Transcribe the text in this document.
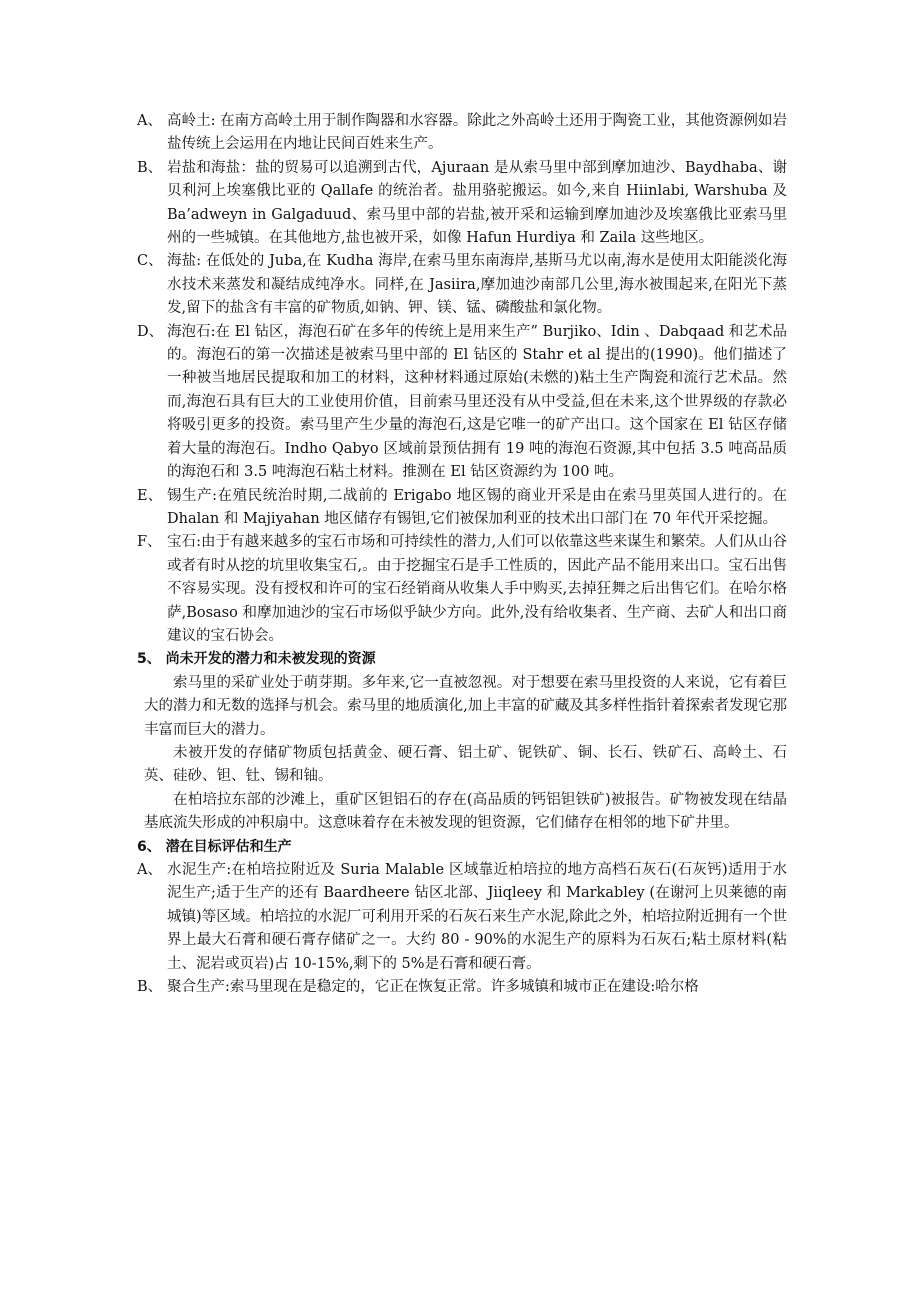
A、 高岭土: 在南方高岭土用于制作陶器和水容器。除此之外高岭土还用于陶瓷工业，其他资源例如岩盐传统上会运用在内地让民间百姓来生产。
B、 岩盐和海盐：盐的贸易可以追溯到古代，Ajuraan 是从索马里中部到摩加迪沙、Baydhaba、谢贝利河上埃塞俄比亚的 Qallafe 的统治者。盐用骆驼搬运。如今,来自 Hiinlabi, Warshuba 及 Ba’adweyn in Galgaduud、索马里中部的岩盐,被开采和运输到摩加迪沙及埃塞俄比亚索马里州的一些城镇。在其他地方,盐也被开采，如像 Hafun Hurdiya 和 Zaila 这些地区。
C、 海盐: 在低处的 Juba,在 Kudha 海岸,在索马里东南海岸,基斯马尤以南,海水是使用太阳能淡化海水技术来蒸发和凝结成纯净水。同样,在 Jasiira,摩加迪沙南部几公里,海水被围起来,在阳光下蒸发,留下的盐含有丰富的矿物质,如钠、钾、镁、锰、磷酸盐和氯化物。
D、 海泡石:在 El 钻区，海泡石矿在多年的传统上是用来生产” Burjiko、Idin 、Dabqaad 和艺术品的。海泡石的第一次描述是被索马里中部的 El 钻区的 Stahr et al 提出的(1990)。他们描述了一种被当地居民提取和加工的材料，这种材料通过原始(未燃的)粘土生产陶瓷和流行艺术品。然而,海泡石具有巨大的工业使用价值，目前索马里还没有从中受益,但在未来,这个世界级的存款必将吸引更多的投资。索马里产生少量的海泡石,这是它唯一的矿产出口。这个国家在 El 钻区存储着大量的海泡石。Indho Qabyo 区域前景预估拥有 19 吨的海泡石资源,其中包括 3.5 吨高品质的海泡石和 3.5 吨海泡石粘土材料。推测在 El 钻区资源约为 100 吨。
E、 锡生产:在殖民统治时期,二战前的 Erigabo 地区锡的商业开采是由在索马里英国人进行的。在 Dhalan 和 Majiyahan 地区储存有锡钽,它们被保加利亚的技术出口部门在 70 年代开采挖掘。
F、 宝石:由于有越来越多的宝石市场和可持续性的潜力,人们可以依靠这些来谋生和繁荣。人们从山谷或者有时从挖的坑里收集宝石,。由于挖掘宝石是手工性质的，因此产品不能用来出口。宝石出售不容易实现。没有授权和许可的宝石经销商从收集人手中购买,去掉狂舞之后出售它们。在哈尔格萨,Bosaso 和摩加迪沙的宝石市场似乎缺少方向。此外,没有给收集者、生产商、去矿人和出口商建议的宝石协会。

5、 尚未开发的潜力和未被发现的资源

索马里的采矿业处于萌芽期。多年来,它一直被忽视。对于想要在索马里投资的人来说，它有着巨大的潜力和无数的选择与机会。索马里的地质演化,加上丰富的矿藏及其多样性指针着探索者发现它那丰富而巨大的潜力。

未被开发的存储矿物质包括黄金、硬石膏、铝土矿、铌铁矿、铜、长石、铁矿石、高岭土、石英、硅砂、钽、钍、锡和铀。

在柏培拉东部的沙滩上，重矿区钽铝石的存在(高品质的钙铝钽铁矿)被报告。矿物被发现在结晶基底流失形成的冲积扇中。这意味着存在未被发现的钽资源，它们储存在相邻的地下矿井里。

6、 潜在目标评估和生产

A、 水泥生产:在柏培拉附近及 Suria Malable 区域靠近柏培拉的地方高档石灰石(石灰钙)适用于水泥生产;适于生产的还有 Baardheere 钻区北部、Jiiqleey 和 Markabley (在谢河上贝莱德的南城镇)等区域。柏培拉的水泥厂可利用开采的石灰石来生产水泥,除此之外，柏培拉附近拥有一个世界上最大石膏和硬石膏存储矿之一。大约 80 - 90%的水泥生产的原料为石灰石;粘土原材料(粘土、泥岩或页岩)占 10-15%,剩下的 5%是石膏和硬石膏。
B、 聚合生产:索马里现在是稳定的，它正在恢复正常。许多城镇和城市正在建设:哈尔格
